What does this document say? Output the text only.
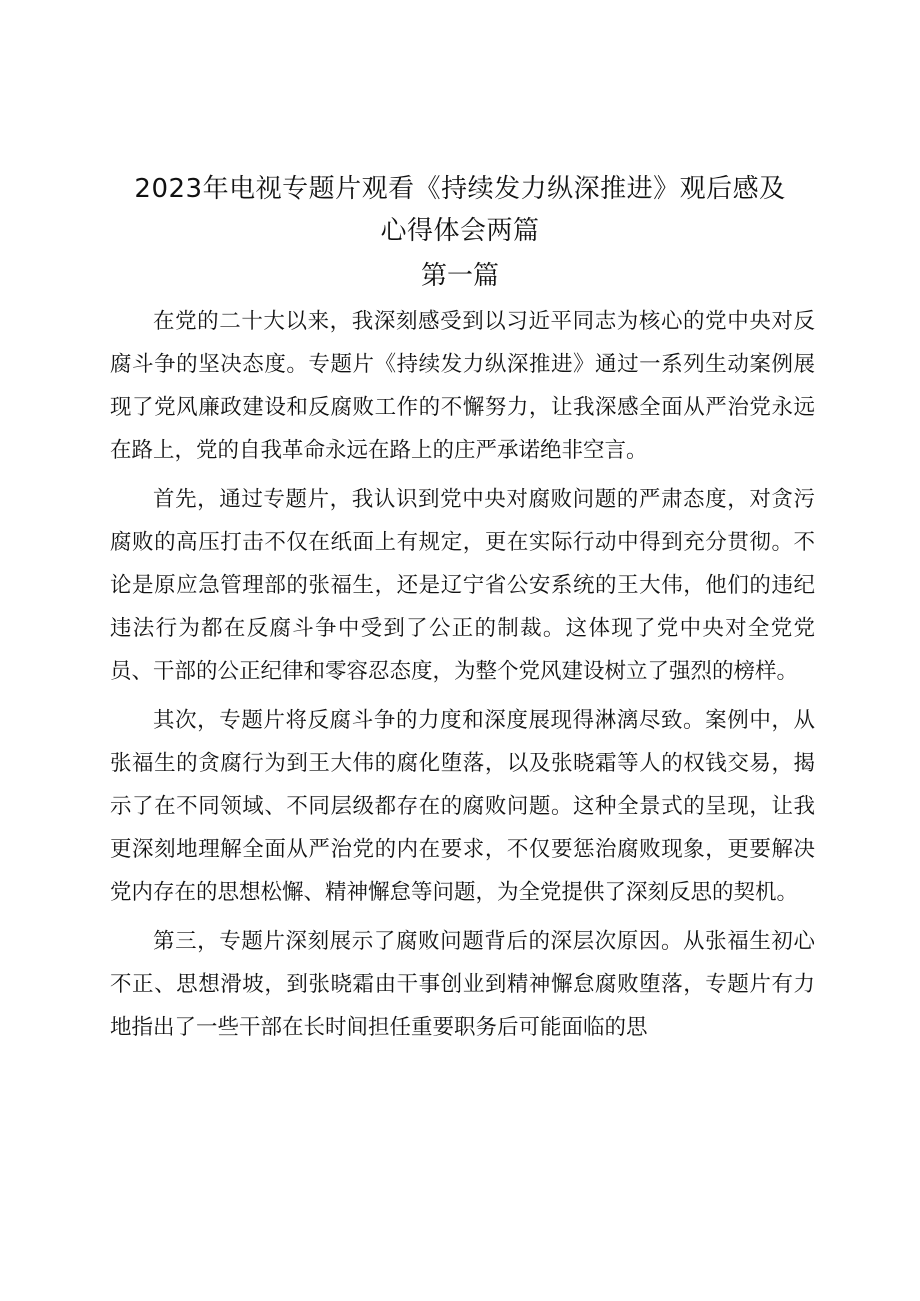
2023年电视专题片观看《持续发力纵深推进》观后感及
心得体会两篇
第一篇

在党的二十大以来，我深刻感受到以习近平同志为核心的党中央对反腐斗争的坚决态度。专题片《持续发力纵深推进》通过一系列生动案例展现了党风廉政建设和反腐败工作的不懈努力，让我深感全面从严治党永远在路上，党的自我革命永远在路上的庄严承诺绝非空言。

首先，通过专题片，我认识到党中央对腐败问题的严肃态度，对贪污腐败的高压打击不仅在纸面上有规定，更在实际行动中得到充分贯彻。不论是原应急管理部的张福生，还是辽宁省公安系统的王大伟，他们的违纪违法行为都在反腐斗争中受到了公正的制裁。这体现了党中央对全党党员、干部的公正纪律和零容忍态度，为整个党风建设树立了强烈的榜样。

其次，专题片将反腐斗争的力度和深度展现得淋漓尽致。案例中，从张福生的贪腐行为到王大伟的腐化堕落，以及张晓霜等人的权钱交易，揭示了在不同领域、不同层级都存在的腐败问题。这种全景式的呈现，让我更深刻地理解全面从严治党的内在要求，不仅要惩治腐败现象，更要解决党内存在的思想松懈、精神懈怠等问题，为全党提供了深刻反思的契机。

第三，专题片深刻展示了腐败问题背后的深层次原因。从张福生初心不正、思想滑坡，到张晓霜由干事创业到精神懈怠腐败堕落，专题片有力地指出了一些干部在长时间担任重要职务后可能面临的思
